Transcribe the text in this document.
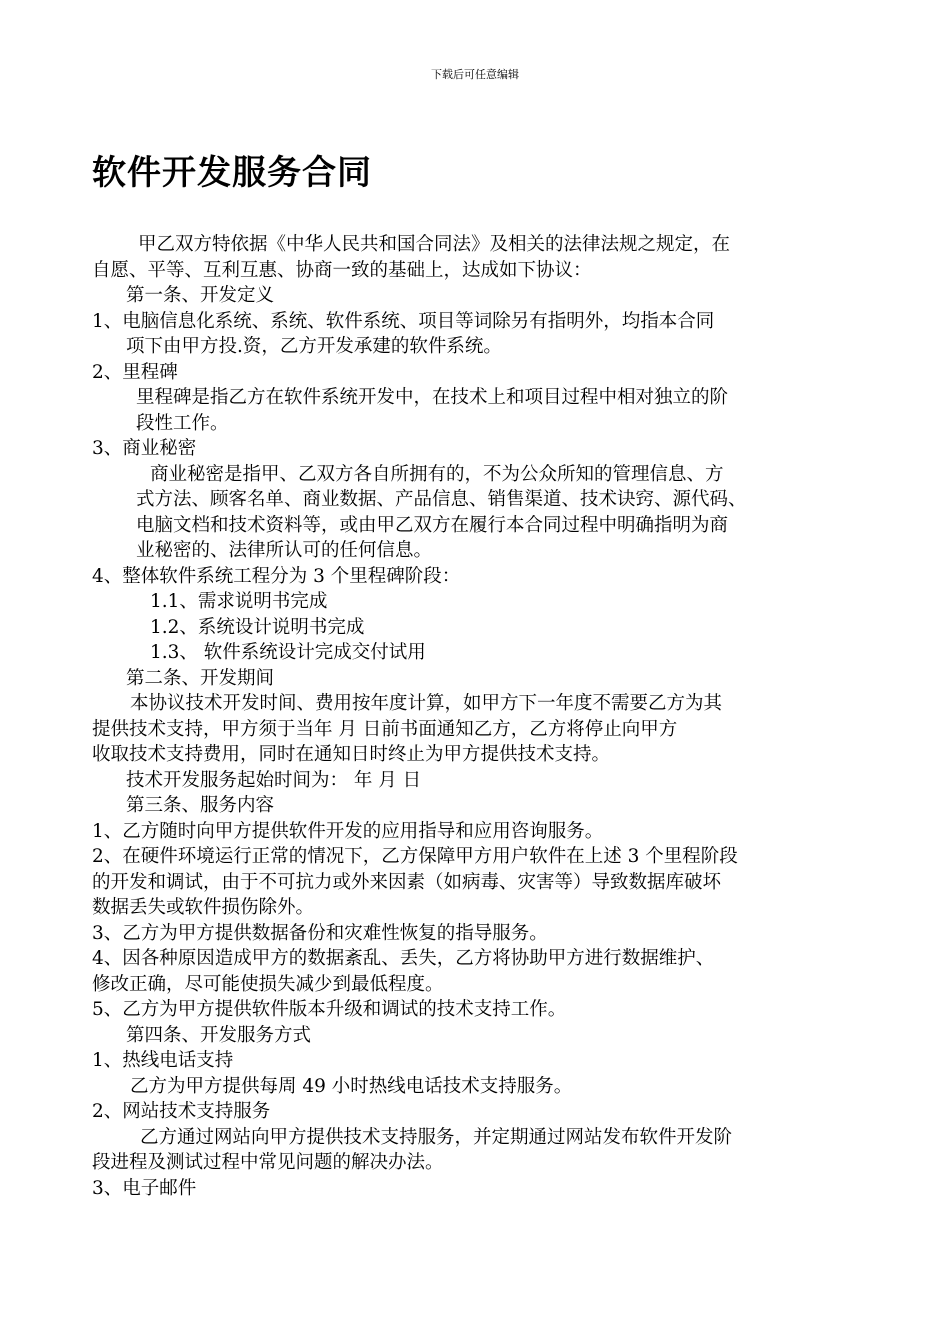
下载后可任意编辑
软件开发服务合同
甲乙双方特依据《中华人民共和国合同法》及相关的法律法规之规定，在
自愿、平等、互利互惠、协商一致的基础上，达成如下协议：
第一条、开发定义
1、电脑信息化系统、系统、软件系统、项目等词除另有指明外，均指本合同
项下由甲方投.资，乙方开发承建的软件系统。
2、里程碑
里程碑是指乙方在软件系统开发中，在技术上和项目过程中相对独立的阶
段性工作。
3、商业秘密
商业秘密是指甲、乙双方各自所拥有的，不为公众所知的管理信息、方
式方法、顾客名单、商业数据、产品信息、销售渠道、技术诀窍、源代码、
电脑文档和技术资料等，或由甲乙双方在履行本合同过程中明确指明为商
业秘密的、法律所认可的任何信息。
4、整体软件系统工程分为 3 个里程碑阶段：
1.1、需求说明书完成
1.2、系统设计说明书完成
1.3、 软件系统设计完成交付试用
第二条、开发期间
本协议技术开发时间、费用按年度计算，如甲方下一年度不需要乙方为其
提供技术支持，甲方须于当年 月 日前书面通知乙方，乙方将停止向甲方
收取技术支持费用，同时在通知日时终止为甲方提供技术支持。
技术开发服务起始时间为： 年 月 日
第三条、服务内容
1、乙方随时向甲方提供软件开发的应用指导和应用咨询服务。
2、在硬件环境运行正常的情况下，乙方保障甲方用户软件在上述 3 个里程阶段
的开发和调试，由于不可抗力或外来因素（如病毒、灾害等）导致数据库破坏
数据丢失或软件损伤除外。
3、乙方为甲方提供数据备份和灾难性恢复的指导服务。
4、因各种原因造成甲方的数据紊乱、丢失，乙方将协助甲方进行数据维护、
修改正确，尽可能使损失减少到最低程度。
5、乙方为甲方提供软件版本升级和调试的技术支持工作。
第四条、开发服务方式
1、热线电话支持
乙方为甲方提供每周 49 小时热线电话技术支持服务。
2、网站技术支持服务
乙方通过网站向甲方提供技术支持服务，并定期通过网站发布软件开发阶
段进程及测试过程中常见问题的解决办法。
3、电子邮件
